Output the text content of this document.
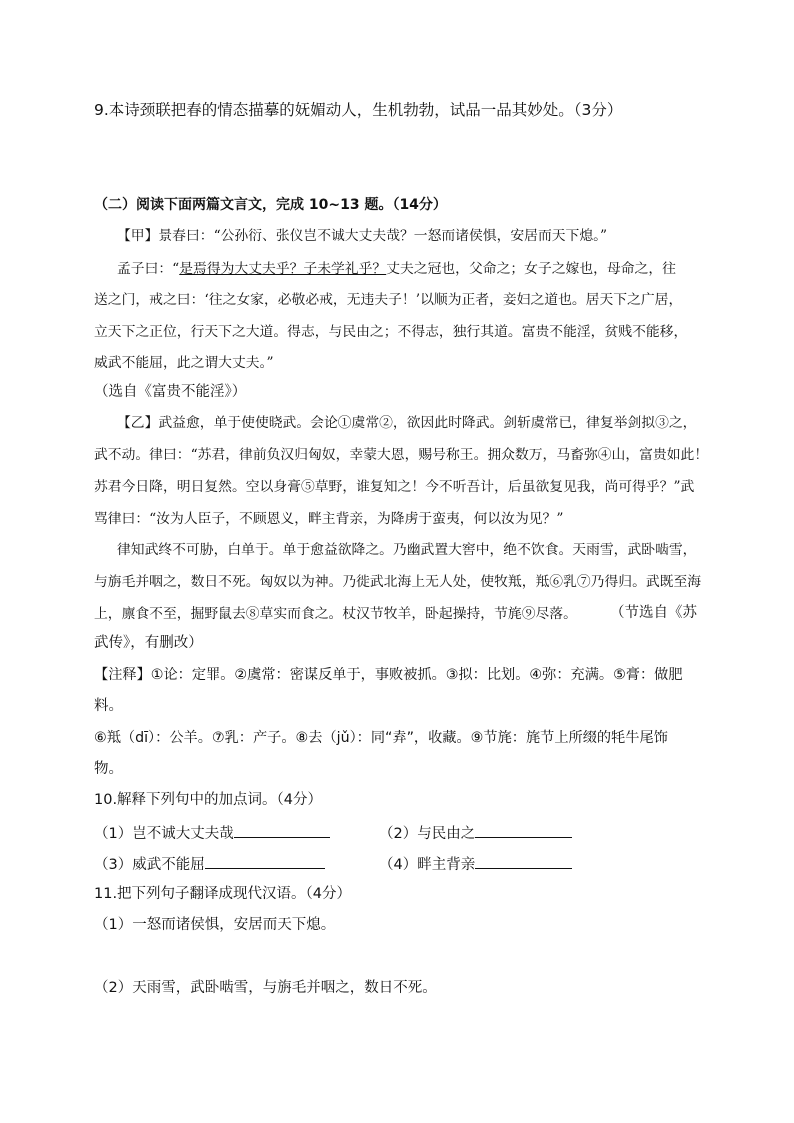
9.本诗颈联把春的情态描摹的妩媚动人，生机勃勃，试品一品其妙处。（3分）
（二）阅读下面两篇文言文，完成 10~13 题。（14分）
【甲】景春曰：“公孙衍、张仪岂不诚大丈夫哉？一怒而诸侯惧，安居而天下熄。”
孟子曰：“是焉得为大丈夫乎？子未学礼乎？丈夫之冠也，父命之；女子之嫁也，母命之，往
送之门，戒之曰：‘往之女家，必敬必戒，无违夫子！’以顺为正者，妾妇之道也。居天下之广居，
立天下之正位，行天下之大道。得志，与民由之；不得志，独行其道。富贵不能淫，贫贱不能移，
威武不能屈，此之谓大丈夫。”
（选自《富贵不能淫》）
【乙】武益愈，单于使使晓武。会论①虞常②，欲因此时降武。剑斩虞常已，律复举剑拟③之，
武不动。律曰：“苏君，律前负汉归匈奴，幸蒙大恩，赐号称王。拥众数万，马畜弥④山，富贵如此！
苏君今日降，明日复然。空以身膏⑤草野，谁复知之！今不听吾计，后虽欲复见我，尚可得乎？”武
骂律曰：“汝为人臣子，不顾恩义，畔主背亲，为降虏于蛮夷，何以汝为见？”
律知武终不可胁，白单于。单于愈益欲降之。乃幽武置大窖中，绝不饮食。天雨雪，武卧啮雪，
与旃毛并咽之，数日不死。匈奴以为神。乃徙武北海上无人处，使牧羝，羝⑥乳⑦乃得归。武既至海
上，廪食不至，掘野鼠去⑧草实而食之。杖汉节牧羊，卧起操持，节旄⑨尽落。 （节选自《苏
武传》，有删改）
【注释】①论：定罪。②虞常：密谋反单于，事败被抓。③拟：比划。④弥：充满。⑤膏：做肥
料。
⑥羝（dī）：公羊。⑦乳：产子。⑧去（jǔ）：同“弆”，收藏。⑨节旄：旄节上所缀的牦牛尾饰
物。
10.解释下列句中的加点词。（4分）
（1）岂不诚大丈夫哉	（2）与民由之
（3）威武不能屈	（4）畔主背亲
11.把下列句子翻译成现代汉语。（4分）
（1）一怒而诸侯惧，安居而天下熄。
（2）天雨雪，武卧啮雪，与旃毛并咽之，数日不死。
